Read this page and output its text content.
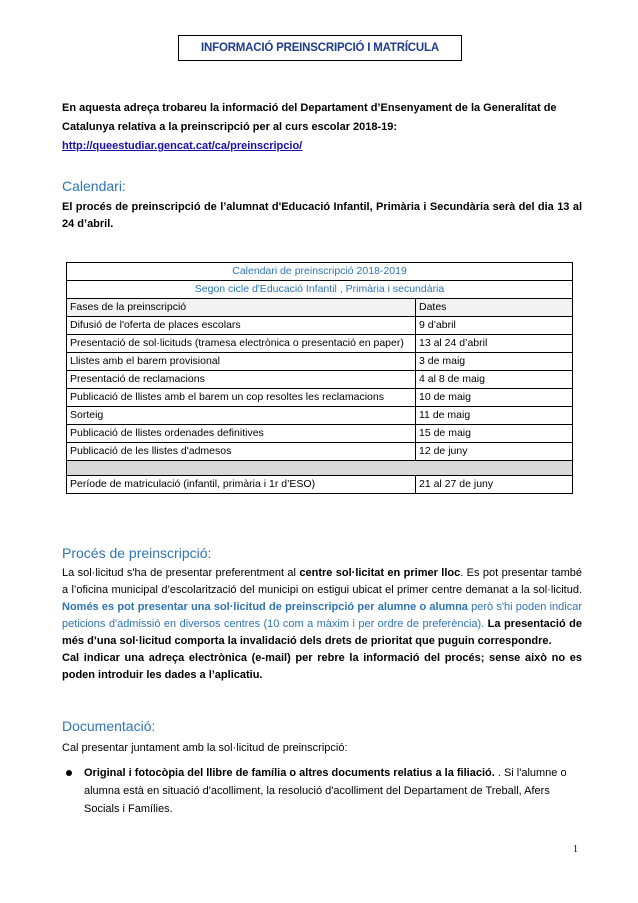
INFORMACIÓ PREINSCRIPCIÓ I MATRÍCULA
En aquesta adreça trobareu la informació del Departament d’Ensenyament de la Generalitat de Catalunya relativa a la preinscripció per al curs escolar 2018-19:
http://queestudiar.gencat.cat/ca/preinscripcio/
Calendari:
El procés de preinscripció de l’alumnat d'Educació Infantil, Primària i Secundària serà del dia 13 al 24 d’abril.
Calendari de preinscripció 2018-2019	
Segon cicle d'Educació Infantil , Primària i secundària	
Fases de la preinscripció	Dates
Difusió de l'oferta de places escolars	9 d’abril
Presentació de sol·licituds (tramesa electrònica o presentació en paper)	13 al 24 d’abril
Llistes amb el barem provisional	3 de maig
Presentació de reclamacions	4 al 8 de maig
Publicació de llistes amb el barem un cop resoltes les reclamacions	10 de maig
Sorteig	11 de maig
Publicació de llistes ordenades definitives	15 de maig
Publicació de les llistes d'admesos	12 de juny

Període de matriculació (infantil, primària i 1r d’ESO)	21 al 27 de juny
Procés de preinscripció:
La sol·licitud s'ha de presentar preferentment al centre sol·licitat en primer lloc. Es pot presentar també a l’oficina municipal d’escolarització del municipi on estigui ubicat el primer centre demanat a la sol·licitud. Només es pot presentar una sol·licitud de preinscripció per alumne o alumna però s'hi poden indicar peticions d'admissió en diversos centres (10 com a màxim i per ordre de preferència). La presentació de més d’una sol·licitud comporta la invalidació dels drets de prioritat que puguin correspondre.
Cal indicar una adreça electrònica (e-mail) per rebre la informació del procés; sense això no es poden introduir les dades a l’aplicatiu.
Documentació:
Cal presentar juntament amb la sol·licitud de preinscripció:
Original i fotocòpia del llibre de família o altres documents relatius a la filiació. . Si l'alumne o alumna està en situació d'acolliment, la resolució d'acolliment del Departament de Treball, Afers Socials i Famílies.
1
